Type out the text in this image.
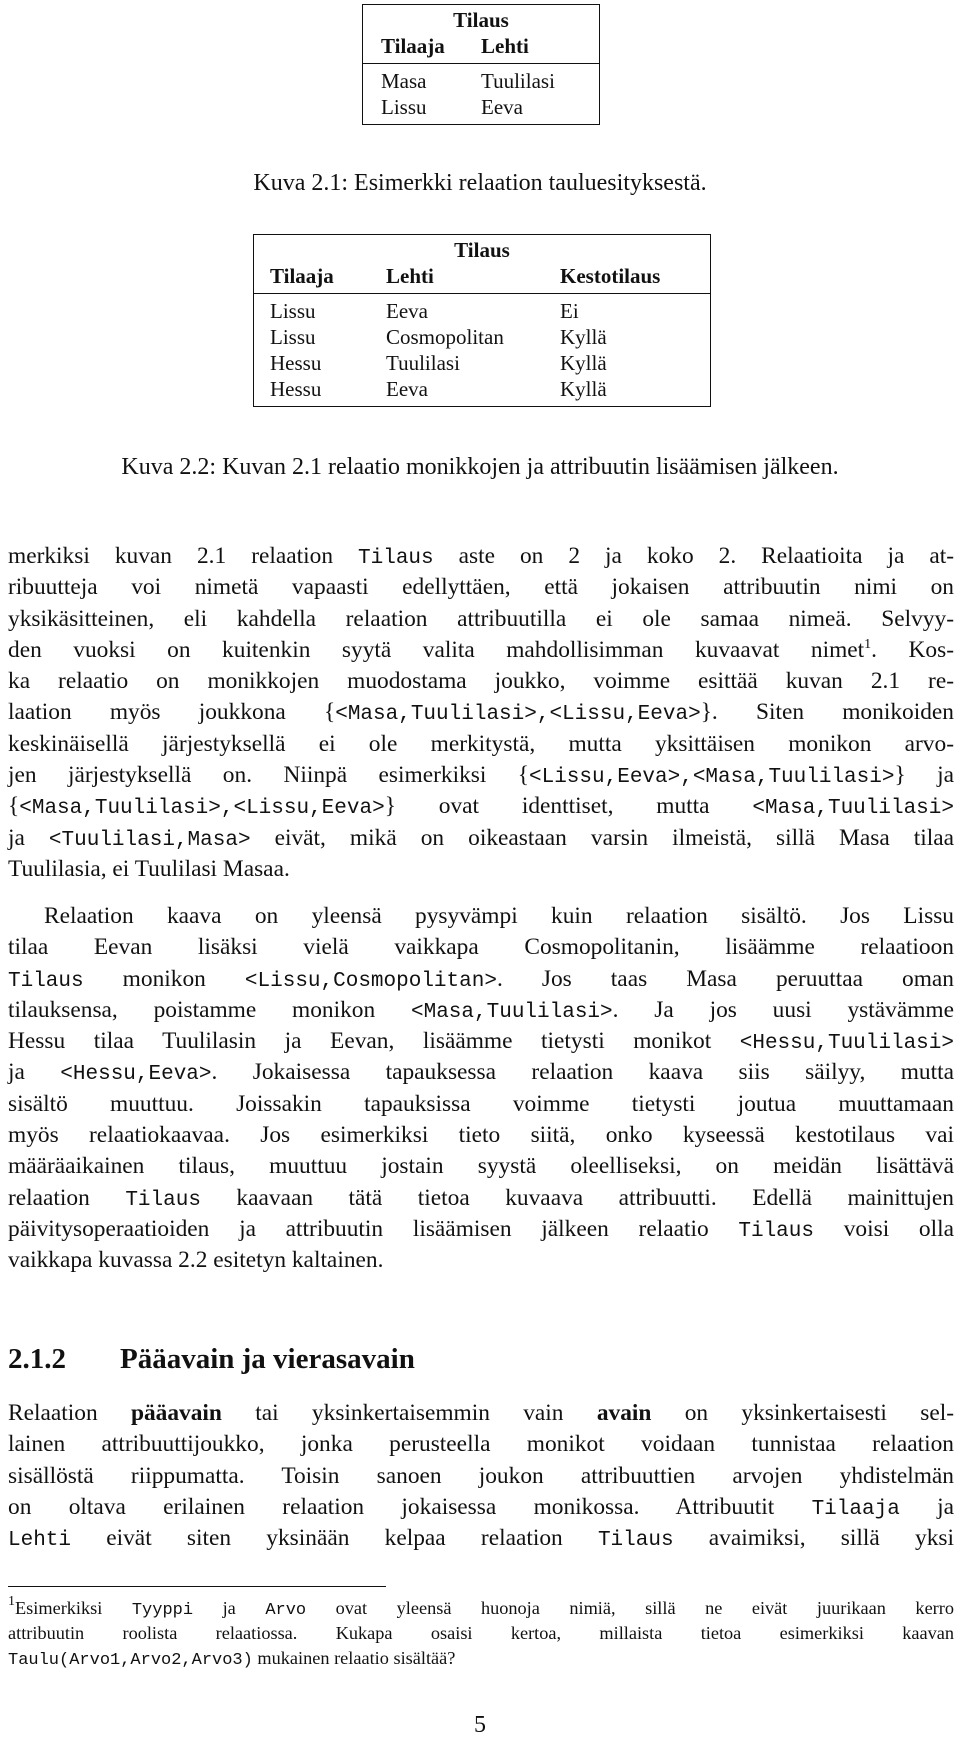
Tilaus
Tilaaja	Lehti
Masa	Tuulilasi
Lissu	Eeva
Kuva 2.1: Esimerkki relaation tauluesityksestä.
Tilaus
Tilaaja	Lehti	Kestotilaus
Lissu	Eeva	Ei
Lissu	Cosmopolitan	Kyllä
Hessu	Tuulilasi	Kyllä
Hessu	Eeva	Kyllä
Kuva 2.2: Kuvan 2.1 relaatio monikkojen ja attribuutin lisäämisen jälkeen.
merkiksi kuvan 2.1 relaation Tilaus aste on 2 ja koko 2. Relaatioita ja at-
ribuutteja voi nimetä vapaasti edellyttäen, että jokaisen attribuutin nimi on
yksikäsitteinen, eli kahdella relaation attribuutilla ei ole samaa nimeä. Selvyy-
den vuoksi on kuitenkin syytä valita mahdollisimman kuvaavat nimet$^1$. Kos-
ka relaatio on monikkojen muodostama joukko, voimme esittää kuvan 2.1 re-
laation myös joukkona {<Masa,Tuulilasi>,<Lissu,Eeva>}. Siten monikoiden
keskinäisellä järjestyksellä ei ole merkitystä, mutta yksittäisen monikon arvo-
jen järjestyksellä on. Niinpä esimerkiksi {<Lissu,Eeva>,<Masa,Tuulilasi>} ja
{<Masa,Tuulilasi>,<Lissu,Eeva>} ovat identtiset, mutta <Masa,Tuulilasi>
ja <Tuulilasi,Masa> eivät, mikä on oikeastaan varsin ilmeistä, sillä Masa tilaa
Tuulilasia, ei Tuulilasi Masaa.
Relaation kaava on yleensä pysyvämpi kuin relaation sisältö. Jos Lissu
tilaa Eevan lisäksi vielä vaikkapa Cosmopolitanin, lisäämme relaatioon
Tilaus monikon <Lissu,Cosmopolitan>. Jos taas Masa peruuttaa oman
tilauksensa, poistamme monikon <Masa,Tuulilasi>. Ja jos uusi ystävämme
Hessu tilaa Tuulilasin ja Eevan, lisäämme tietysti monikot <Hessu,Tuulilasi>
ja <Hessu,Eeva>. Jokaisessa tapauksessa relaation kaava siis säilyy, mutta
sisältö muuttuu. Joissakin tapauksissa voimme tietysti joutua muuttamaan
myös relaatiokaavaa. Jos esimerkiksi tieto siitä, onko kyseessä kestotilaus vai
määräaikainen tilaus, muuttuu jostain syystä oleelliseksi, on meidän lisättävä
relaation Tilaus kaavaan tätä tietoa kuvaava attribuutti. Edellä mainittujen
päivitysoperaatioiden ja attribuutin lisäämisen jälkeen relaatio Tilaus voisi olla
vaikkapa kuvassa 2.2 esitetyn kaltainen.
2.1.2 Pääavain ja vierasavain
Relaation pääavain tai yksinkertaisemmin vain avain on yksinkertaisesti sel-
lainen attribuuttijoukko, jonka perusteella monikot voidaan tunnistaa relaation
sisällöstä riippumatta. Toisin sanoen joukon attribuuttien arvojen yhdistelmän
on oltava erilainen relaation jokaisessa monikossa. Attribuutit Tilaaja ja
Lehti eivät siten yksinään kelpaa relaation Tilaus avaimiksi, sillä yksi
$^1$Esimerkiksi Tyyppi ja Arvo ovat yleensä huonoja nimiä, sillä ne eivät juurikaan kerro
attribuutin roolista relaatiossa. Kukapa osaisi kertoa, millaista tietoa esimerkiksi kaavan
Taulu(Arvo1,Arvo2,Arvo3) mukainen relaatio sisältää?
5
